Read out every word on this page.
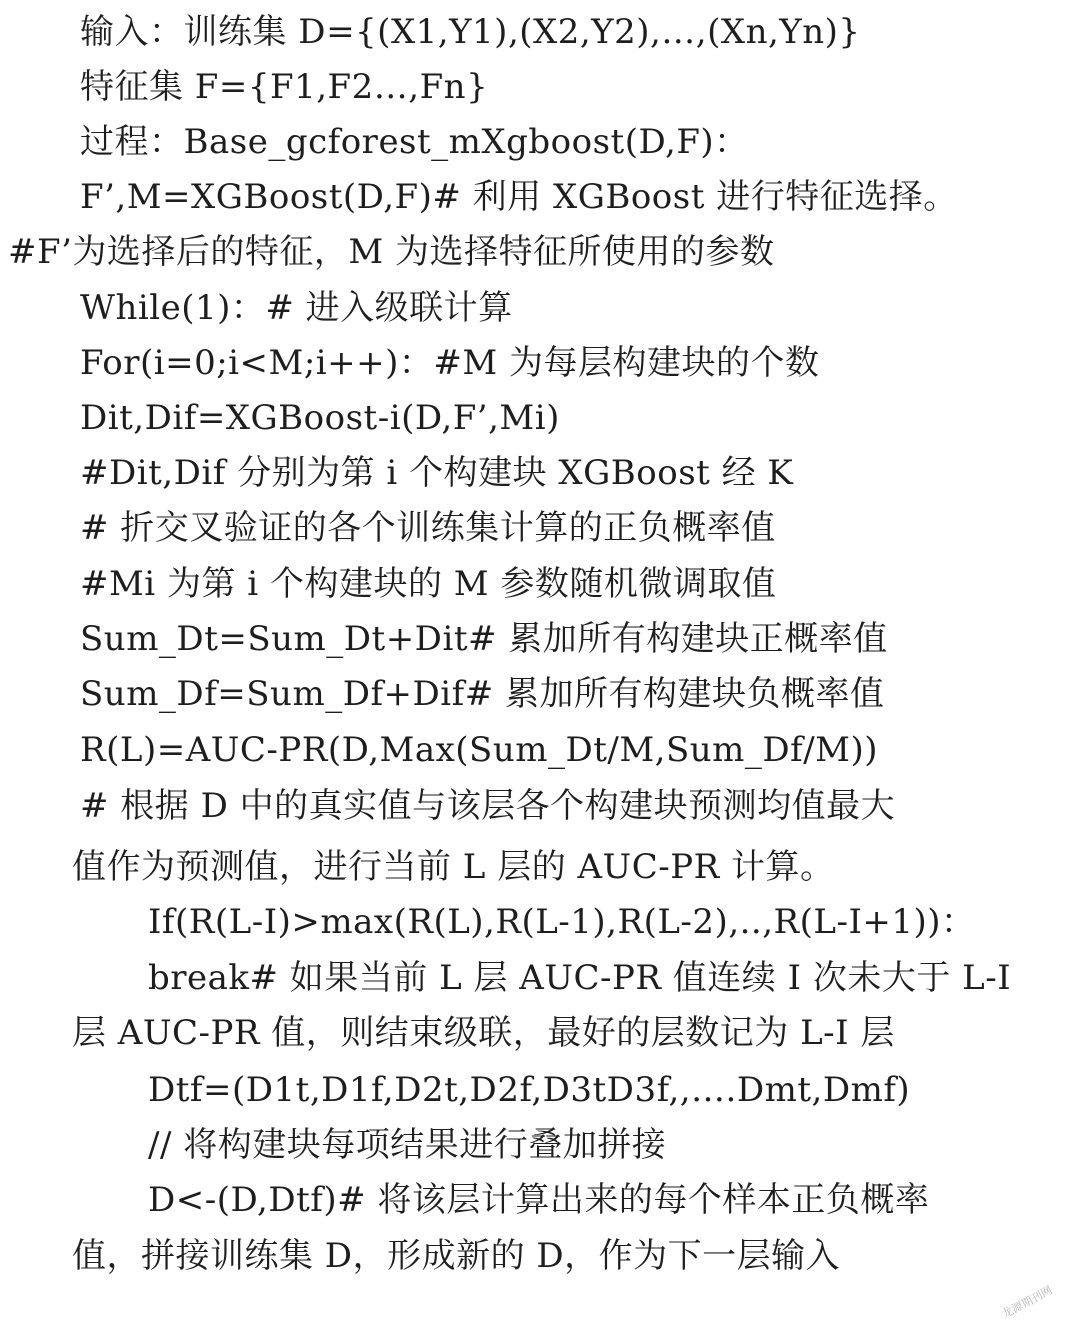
输入：训练集 D={(X1,Y1),(X2,Y2),…,(Xn,Yn)}
特征集 F={F1,F2…,Fn}
过程：Base_gcforest_mXgboost(D,F)：
F’,M=XGBoost(D,F)# 利用 XGBoost 进行特征选择。
#F’为选择后的特征，M 为选择特征所使用的参数
While(1)：# 进入级联计算
For(i=0;i<M;i++)：#M 为每层构建块的个数
Dit,Dif=XGBoost-i(D,F’,Mi)
#Dit,Dif 分别为第 i 个构建块 XGBoost 经 K
# 折交叉验证的各个训练集计算的正负概率值
#Mi 为第 i 个构建块的 M 参数随机微调取值
Sum_Dt=Sum_Dt+Dit# 累加所有构建块正概率值
Sum_Df=Sum_Df+Dif# 累加所有构建块负概率值
R(L)=AUC-PR(D,Max(Sum_Dt/M,Sum_Df/M))
# 根据 D 中的真实值与该层各个构建块预测均值最大
值作为预测值，进行当前 L 层的 AUC-PR 计算。
If(R(L-I)>max(R(L),R(L-1),R(L-2),..,R(L-I+1))：
break# 如果当前 L 层 AUC-PR 值连续 I 次未大于 L-I
层 AUC-PR 值，则结束级联，最好的层数记为 L-I 层
Dtf=(D1t,D1f,D2t,D2f,D3tD3f,,….Dmt,Dmf)
// 将构建块每项结果进行叠加拼接
D<-(D,Dtf)# 将该层计算出来的每个样本正负概率
值，拼接训练集 D，形成新的 D，作为下一层输入
龙源期刊网
